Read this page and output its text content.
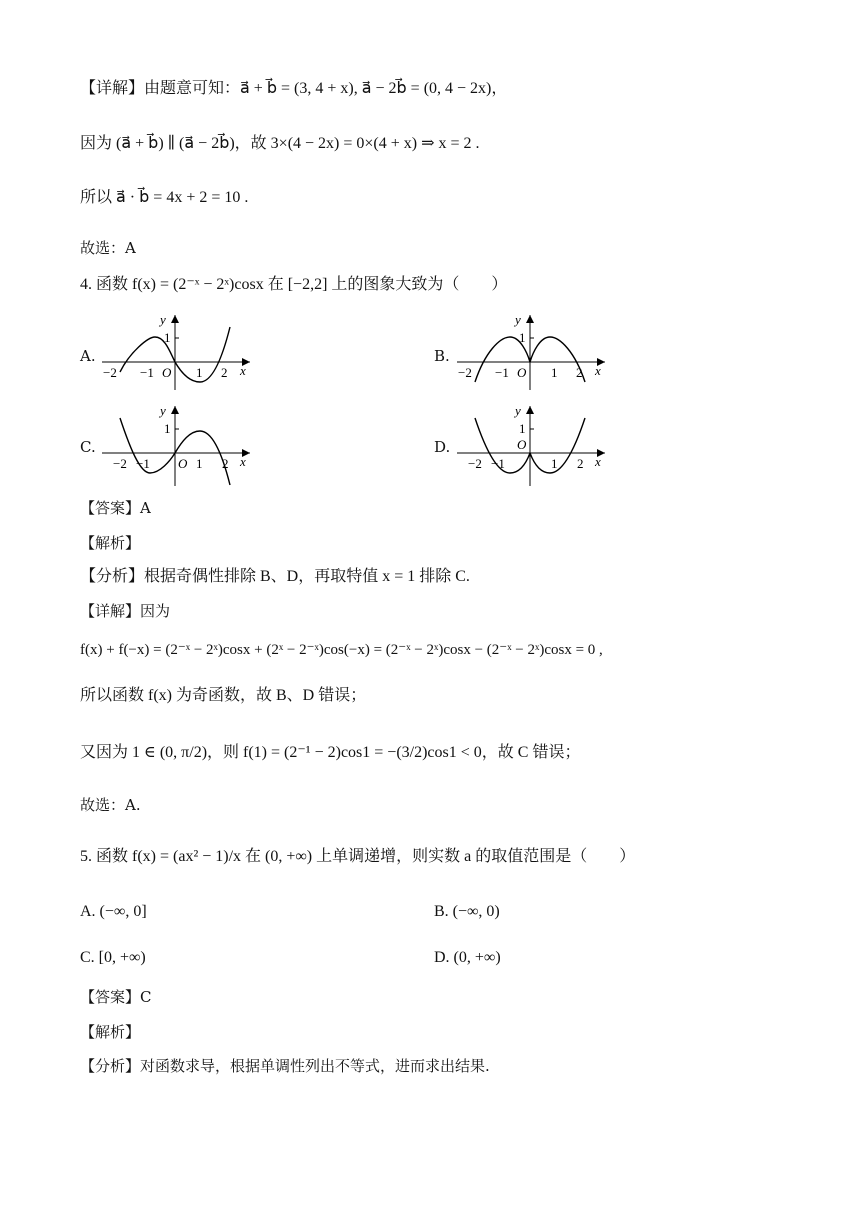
【详解】由题意可知：a⃗ + b⃗ = (3, 4 + x), a⃗ − 2b⃗ = (0, 4 − 2x)，
因为 (a⃗ + b⃗) ∥ (a⃗ − 2b⃗)，故 3×(4 − 2x) = 0×(4 + x) ⇒ x = 2 .
所以 a⃗ · b⃗ = 4x + 2 = 10 .
故选：A
4. 函数 f(x) = (2⁻ˣ − 2ˣ)cosx 在 [−2,2] 上的图象大致为（　　）
A.
−2 −1 O 1 2 x
y
1
B.
−2 −1 O 1 2 x
y
1
C.
−2 −1 O 1 2 x
y
1
D.
−2 −1
O
1 2 x
y
1
【答案】A
【解析】
【分析】根据奇偶性排除 B、D，再取特值 x = 1 排除 C.
【详解】因为
f(x) + f(−x) = (2⁻ˣ − 2ˣ)cosx + (2ˣ − 2⁻ˣ)cos(−x) = (2⁻ˣ − 2ˣ)cosx − (2⁻ˣ − 2ˣ)cosx = 0 ,
所以函数 f(x) 为奇函数，故 B、D 错误；
又因为 1 ∈ (0, π/2)，则 f(1) = (2⁻¹ − 2)cos1 = −(3/2)cos1 < 0，故 C 错误；
故选：A.
5. 函数 f(x) = (ax² − 1)/x 在 (0, +∞) 上单调递增，则实数 a 的取值范围是（　　）
A. (−∞, 0]	B. (−∞, 0)
C. [0, +∞)	D. (0, +∞)
【答案】C
【解析】
【分析】对函数求导，根据单调性列出不等式，进而求出结果.
